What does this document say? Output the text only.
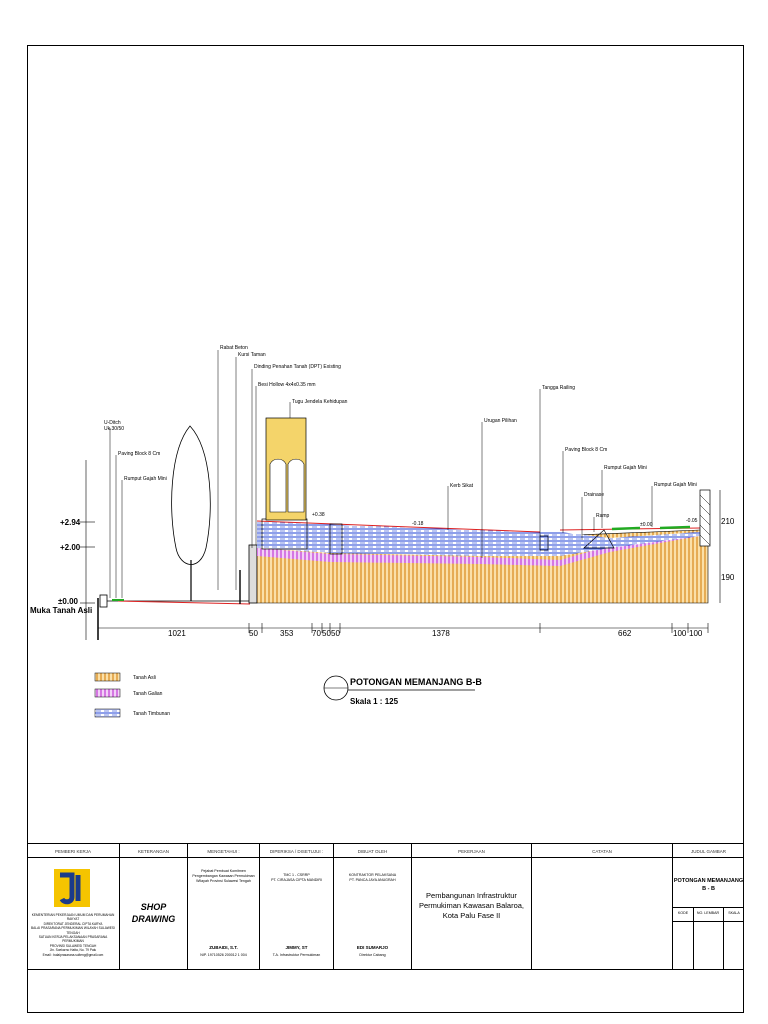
+2.94
+2.00
±0.00
Muka Tanah Asli
210
190
U-Ditch Uk.30/50
Paving Block 8 Cm
Rumput Gajah Mini
Rabat Beton
Kursi Taman
Dinding Penahan Tanah (DPT) Existing
Besi Hollow 4x4x0.35 mm
Tugu Jendela Kehidupan
Tangga Railing
Urugan Pilihan
Kerb Sikat
Paving Block 8 Cm
Rumput Gajah Mini
Rumput Gajah Mini
Drainase
Ramp
+0.38
-0.18	±0.00
-0.05
1021	50	353 70 50 50	1378	662	100 100
Tanah Asli
Tanah Galian
Tanah Timbunan
POTONGAN MEMANJANG B-B
Skala 1 : 125
PEMBERI KERJA
KEMENTERIAN PEKERJAAN UMUM DAN PERUMAHAN RAKYAT
DIREKTORAT JENDERAL CIPTA KARYA
BALAI PRASARANA PERMUKIMAN WILAYAH SULAWESI TENGAH
SATUAN KERJA PELAKSANAAN PRASARANA PERMUKIMAN
PROVINSI SULAWESI TENGAH
Jln. Soekarno Hatta, No. 79 Palu
Email : balaiprasarana.sulteng@gmail.com
KETERANGAN
SHOP
DRAWING
MENGETAHUI :
Pejabat Pembuat Komitmen
Pengembangan Kawasan Permukiman
Wilayah Provinsi Sulawesi Tengah
ZUBAIDI, S.T.
NIP. 19710526 200012 1 004
DIPERIKSA / DISETUJUI :
TMC 1 - CSRRP
PT. CIRAJASA CIPTA MANDIRI
JIMMY, ST
T.A. Infrastruktur Permukiman
DIBUAT OLEH
KONTRAKTOR PELAKSANA
PT. PANCA JAYA ANUGRAH
EDI SUMARJO
Direktur Cabang
PEKERJAAN
Pembangunan Infrastruktur
Permukiman Kawasan Balaroa,
Kota Palu Fase II
CATATAN	JUDUL GAMBAR
POTONGAN MEMANJANG
B - B
KODE	NO. LEMBAR	SKALA
